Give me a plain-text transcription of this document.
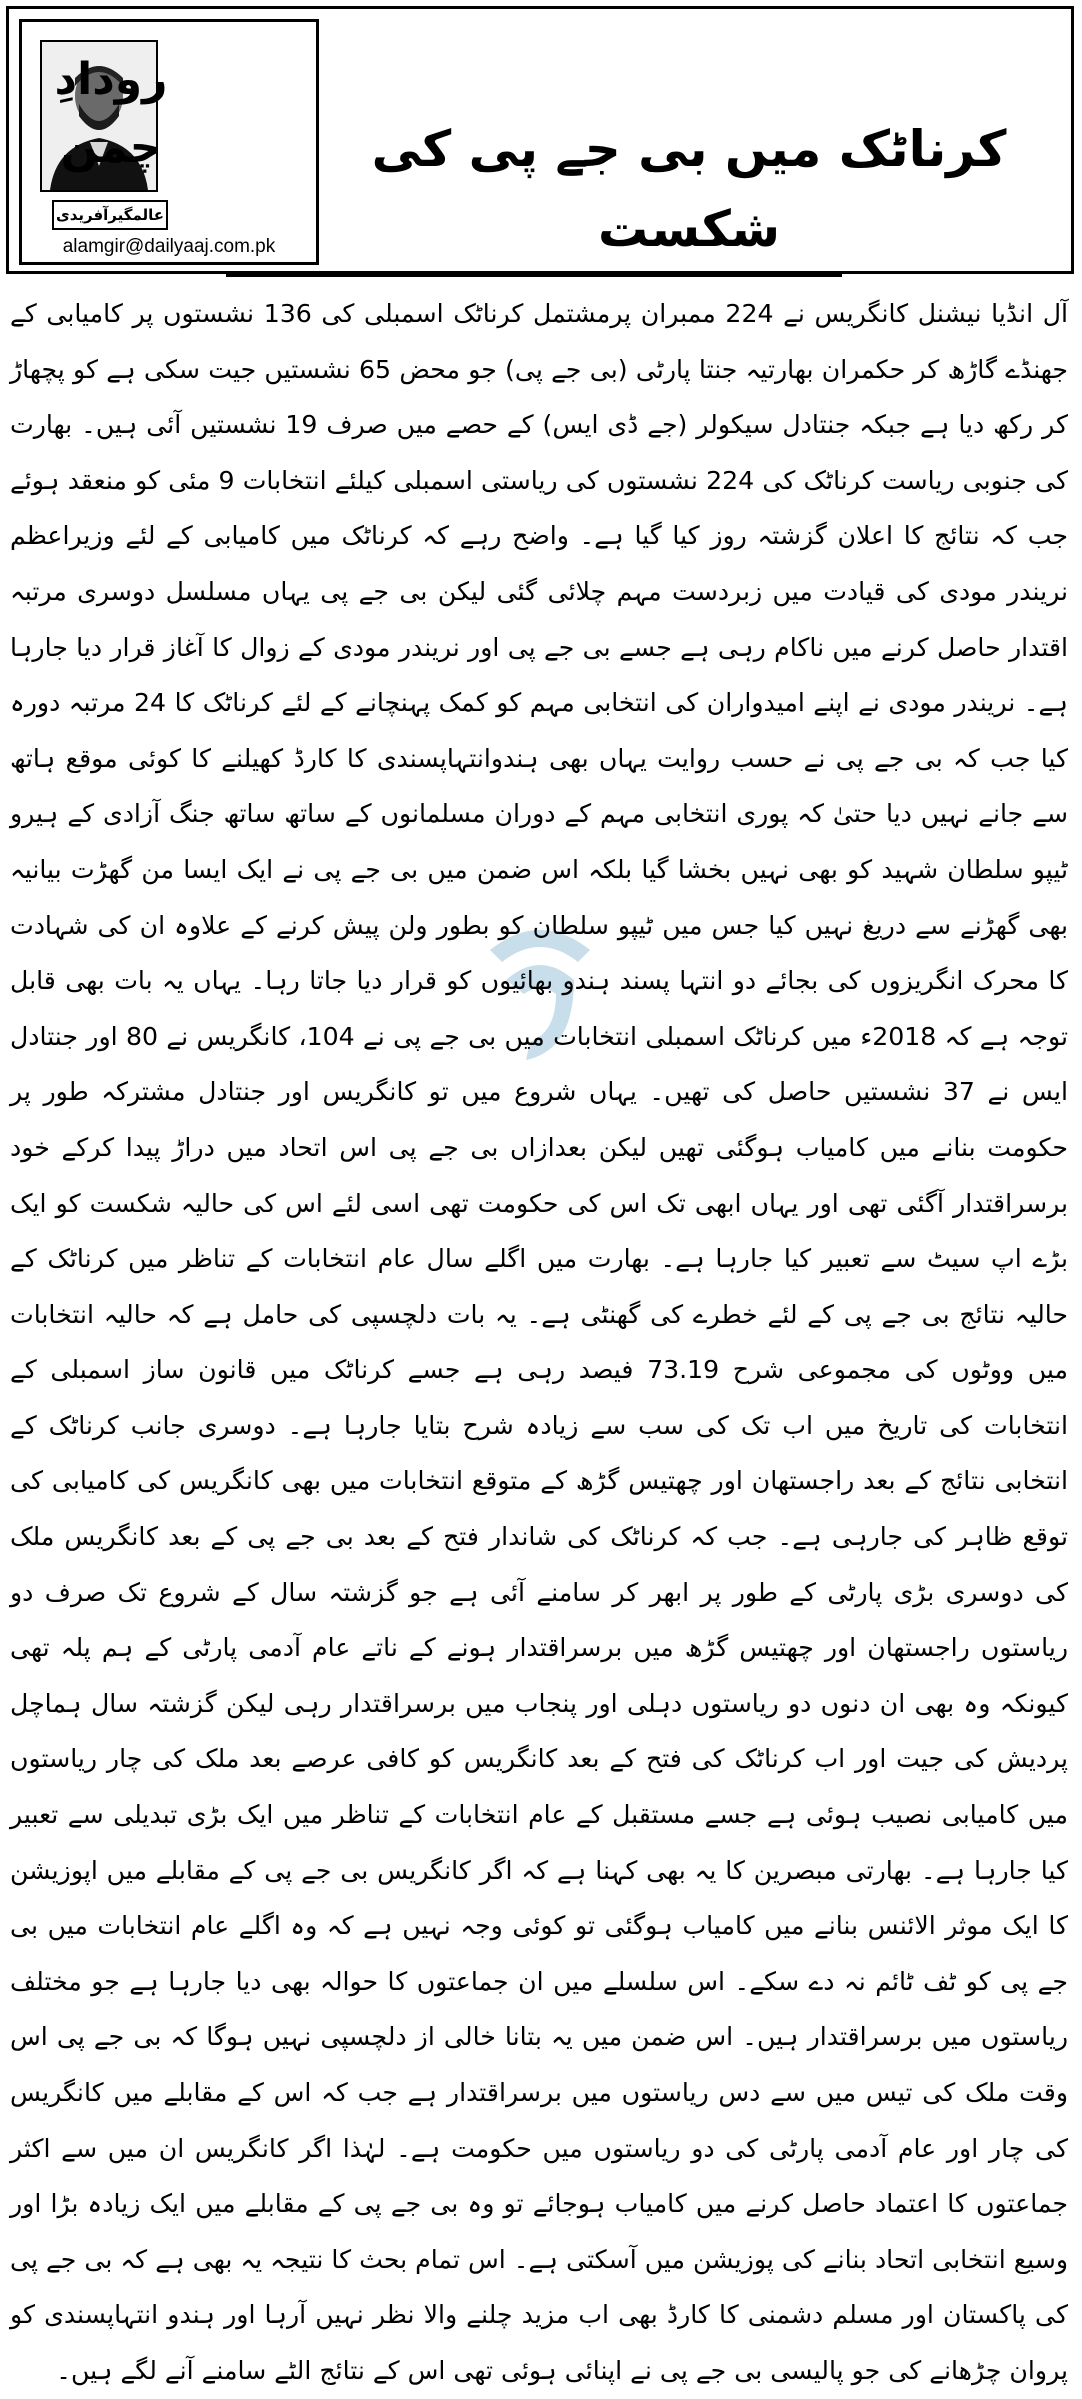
رودادِ چمن
عالمگیرآفریدی
alamgir@dailyaaj.com.pk
کرناٹک میں بی جے پی کی شکست
آل انڈیا نیشنل کانگریس نے 224 ممبران پرمشتمل کرناٹک اسمبلی کی 136 نشستوں پر کامیابی کے جھنڈے گاڑھ کر حکمران بھارتیہ جنتا پارٹی (بی جے پی) جو محض 65 نشستیں جیت سکی ہے کو پچھاڑ کر رکھ دیا ہے جبکہ جنتادل سیکولر (جے ڈی ایس) کے حصے میں صرف 19 نشستیں آئی ہیں۔ بھارت کی جنوبی ریاست کرناٹک کی 224 نشستوں کی ریاستی اسمبلی کیلئے انتخابات 9 مئی کو منعقد ہوئے جب کہ نتائج کا اعلان گزشتہ روز کیا گیا ہے۔ واضح رہے کہ کرناٹک میں کامیابی کے لئے وزیراعظم نریندر مودی کی قیادت میں زبردست مہم چلائی گئی لیکن بی جے پی یہاں مسلسل دوسری مرتبہ اقتدار حاصل کرنے میں ناکام رہی ہے جسے بی جے پی اور نریندر مودی کے زوال کا آغاز قرار دیا جارہا ہے۔ نریندر مودی نے اپنے امیدواران کی انتخابی مہم کو کمک پہنچانے کے لئے کرناٹک کا 24 مرتبہ دورہ کیا جب کہ بی جے پی نے حسب روایت یہاں بھی ہندوانتہاپسندی کا کارڈ کھیلنے کا کوئی موقع ہاتھ سے جانے نہیں دیا حتیٰ کہ پوری انتخابی مہم کے دوران مسلمانوں کے ساتھ ساتھ جنگ آزادی کے ہیرو ٹیپو سلطان شہید کو بھی نہیں بخشا گیا بلکہ اس ضمن میں بی جے پی نے ایک ایسا من گھڑت بیانیہ بھی گھڑنے سے دریغ نہیں کیا جس میں ٹیپو سلطان کو بطور ولن پیش کرنے کے علاوہ ان کی شہادت کا محرک انگریزوں کی بجائے دو انتہا پسند ہندو بھائیوں کو قرار دیا جاتا رہا۔ یہاں یہ بات بھی قابل توجہ ہے کہ 2018ء میں کرناٹک اسمبلی انتخابات میں بی جے پی نے 104، کانگریس نے 80 اور جنتادل ایس نے 37 نشستیں حاصل کی تھیں۔ یہاں شروع میں تو کانگریس اور جنتادل مشترکہ طور پر حکومت بنانے میں کامیاب ہوگئی تھیں لیکن بعدازاں بی جے پی اس اتحاد میں دراڑ پیدا کرکے خود برسراقتدار آگئی تھی اور یہاں ابھی تک اس کی حکومت تھی اسی لئے اس کی حالیہ شکست کو ایک بڑے اپ سیٹ سے تعبیر کیا جارہا ہے۔ بھارت میں اگلے سال عام انتخابات کے تناظر میں کرناٹک کے حالیہ نتائج بی جے پی کے لئے خطرے کی گھنٹی ہے۔ یہ بات دلچسپی کی حامل ہے کہ حالیہ انتخابات میں ووٹوں کی مجموعی شرح 73.19 فیصد رہی ہے جسے کرناٹک میں قانون ساز اسمبلی کے انتخابات کی تاریخ میں اب تک کی سب سے زیادہ شرح بتایا جارہا ہے۔ دوسری جانب کرناٹک کے انتخابی نتائج کے بعد راجستھان اور چھتیس گڑھ کے متوقع انتخابات میں بھی کانگریس کی کامیابی کی توقع ظاہر کی جارہی ہے۔ جب کہ کرناٹک کی شاندار فتح کے بعد بی جے پی کے بعد کانگریس ملک کی دوسری بڑی پارٹی کے طور پر ابھر کر سامنے آئی ہے جو گزشتہ سال کے شروع تک صرف دو ریاستوں راجستھان اور چھتیس گڑھ میں برسراقتدار ہونے کے ناتے عام آدمی پارٹی کے ہم پلہ تھی کیونکہ وہ بھی ان دنوں دو ریاستوں دہلی اور پنجاب میں برسراقتدار رہی لیکن گزشتہ سال ہماچل پردیش کی جیت اور اب کرناٹک کی فتح کے بعد کانگریس کو کافی عرصے بعد ملک کی چار ریاستوں میں کامیابی نصیب ہوئی ہے جسے مستقبل کے عام انتخابات کے تناظر میں ایک بڑی تبدیلی سے تعبیر کیا جارہا ہے۔ بھارتی مبصرین کا یہ بھی کہنا ہے کہ اگر کانگریس بی جے پی کے مقابلے میں اپوزیشن کا ایک موثر الائنس بنانے میں کامیاب ہوگئی تو کوئی وجہ نہیں ہے کہ وہ اگلے عام انتخابات میں بی جے پی کو ٹف ٹائم نہ دے سکے۔ اس سلسلے میں ان جماعتوں کا حوالہ بھی دیا جارہا ہے جو مختلف ریاستوں میں برسراقتدار ہیں۔ اس ضمن میں یہ بتانا خالی از دلچسپی نہیں ہوگا کہ بی جے پی اس وقت ملک کی تیس میں سے دس ریاستوں میں برسراقتدار ہے جب کہ اس کے مقابلے میں کانگریس کی چار اور عام آدمی پارٹی کی دو ریاستوں میں حکومت ہے۔ لہٰذا اگر کانگریس ان میں سے اکثر جماعتوں کا اعتماد حاصل کرنے میں کامیاب ہوجائے تو وہ بی جے پی کے مقابلے میں ایک زیادہ بڑا اور وسیع انتخابی اتحاد بنانے کی پوزیشن میں آسکتی ہے۔ اس تمام بحث کا نتیجہ یہ بھی ہے کہ بی جے پی کی پاکستان اور مسلم دشمنی کا کارڈ بھی اب مزید چلنے والا نظر نہیں آرہا اور ہندو انتہاپسندی کو پروان چڑھانے کی جو پالیسی بی جے پی نے اپنائی ہوئی تھی اس کے نتائج الٹے سامنے آنے لگے ہیں۔
